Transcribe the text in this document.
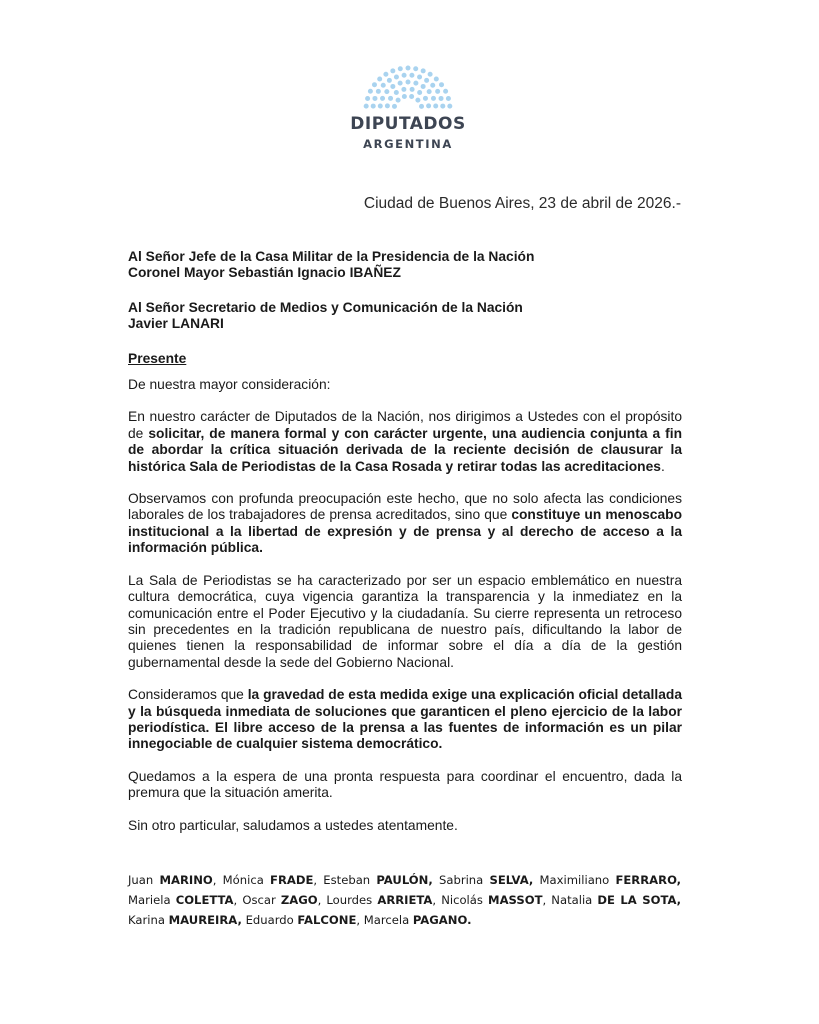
DIPUTADOS
ARGENTINA
Ciudad de Buenos Aires, 23 de abril de 2026.-
Al Señor Jefe de la Casa Militar de la Presidencia de la Nación
Coronel Mayor Sebastián Ignacio IBAÑEZ
Al Señor Secretario de Medios y Comunicación de la Nación
Javier LANARI
Presente

De nuestra mayor consideración:

En nuestro carácter de Diputados de la Nación, nos dirigimos a Ustedes con el propósito de solicitar, de manera formal y con carácter urgente, una audiencia conjunta a fin de abordar la crítica situación derivada de la reciente decisión de clausurar la histórica Sala de Periodistas de la Casa Rosada y retirar todas las acreditaciones.

Observamos con profunda preocupación este hecho, que no solo afecta las condiciones laborales de los trabajadores de prensa acreditados, sino que constituye un menoscabo institucional a la libertad de expresión y de prensa y al derecho de acceso a la información pública.

La Sala de Periodistas se ha caracterizado por ser un espacio emblemático en nuestra cultura democrática, cuya vigencia garantiza la transparencia y la inmediatez en la comunicación entre el Poder Ejecutivo y la ciudadanía. Su cierre representa un retroceso sin precedentes en la tradición republicana de nuestro país, dificultando la labor de quienes tienen la responsabilidad de informar sobre el día a día de la gestión gubernamental desde la sede del Gobierno Nacional.

Consideramos que la gravedad de esta medida exige una explicación oficial detallada y la búsqueda inmediata de soluciones que garanticen el pleno ejercicio de la labor periodística. El libre acceso de la prensa a las fuentes de información es un pilar innegociable de cualquier sistema democrático.

Quedamos a la espera de una pronta respuesta para coordinar el encuentro, dada la premura que la situación amerita.

Sin otro particular, saludamos a ustedes atentamente.

Juan MARINO, Mónica FRADE, Esteban PAULÓN, Sabrina SELVA, Maximiliano FERRARO, Mariela COLETTA, Oscar ZAGO, Lourdes ARRIETA, Nicolás MASSOT, Natalia DE LA SOTA, Karina MAUREIRA, Eduardo FALCONE, Marcela PAGANO.
